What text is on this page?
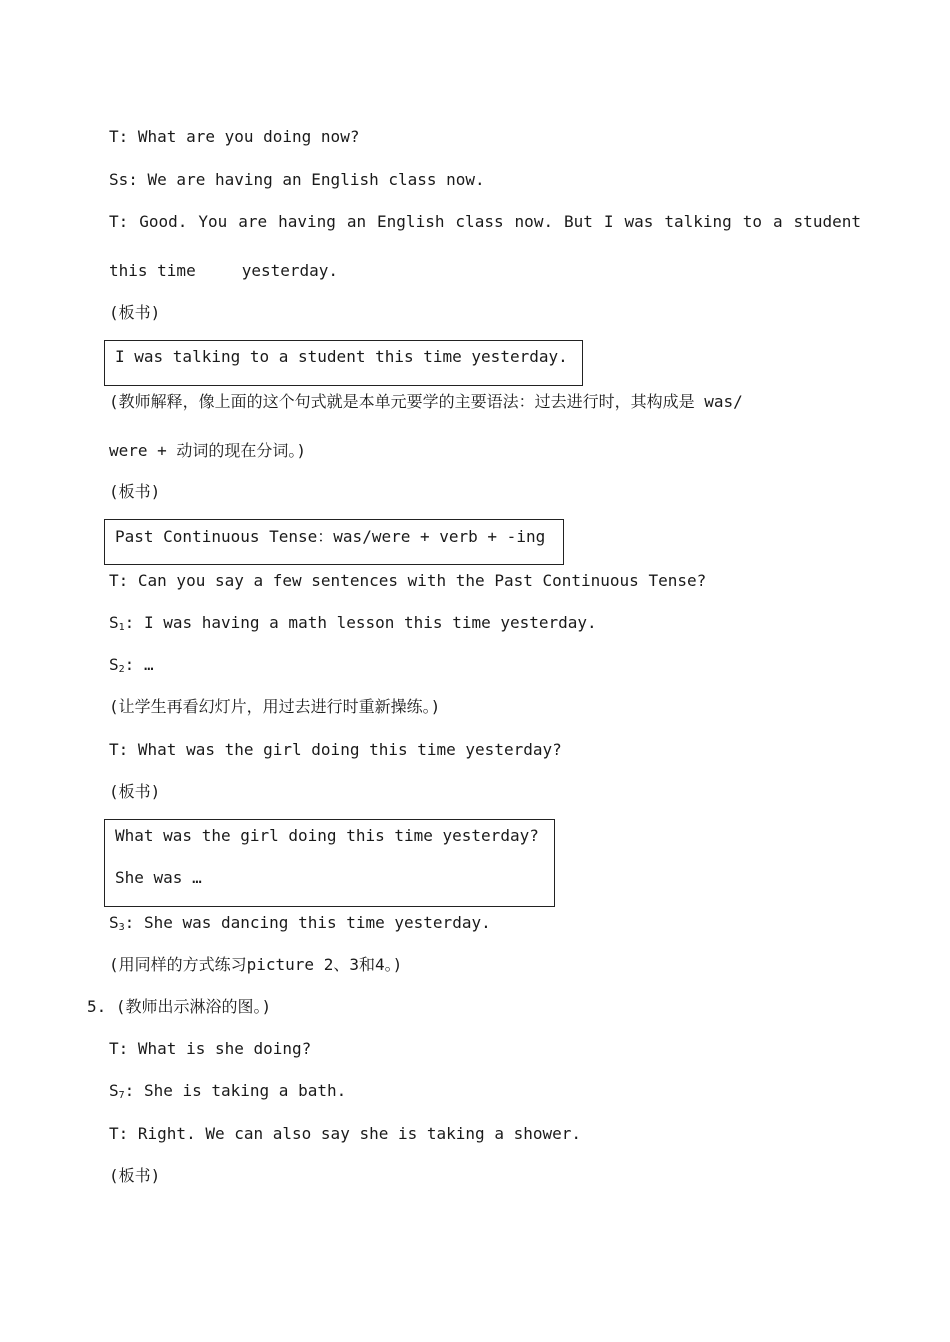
T: What are you doing now?
Ss: We are having an English class now.
T: Good. You are having an English class now. But I was talking to a student
this time	yesterday.
(板书)
I was talking to a student this time yesterday.
(教师解释，像上面的这个句式就是本单元要学的主要语法：过去进行时，其构成是 was/
were + 动词的现在分词。)
(板书)
Past Continuous Tense：was/were + verb + -ing
T: Can you say a few sentences with the Past Continuous Tense?
$S_1$: I was having a math lesson this time yesterday.
$S_2$: …
(让学生再看幻灯片，用过去进行时重新操练。)
T: What was the girl doing this time yesterday?
(板书)
What was the girl doing this time yesterday?
She was …
$S_3$: She was dancing this time yesterday.
(用同样的方式练习picture 2、3和4。)
5. (教师出示淋浴的图。)
T: What is she doing?
$S_7$: She is taking a bath.
T: Right. We can also say she is taking a shower.
(板书)
